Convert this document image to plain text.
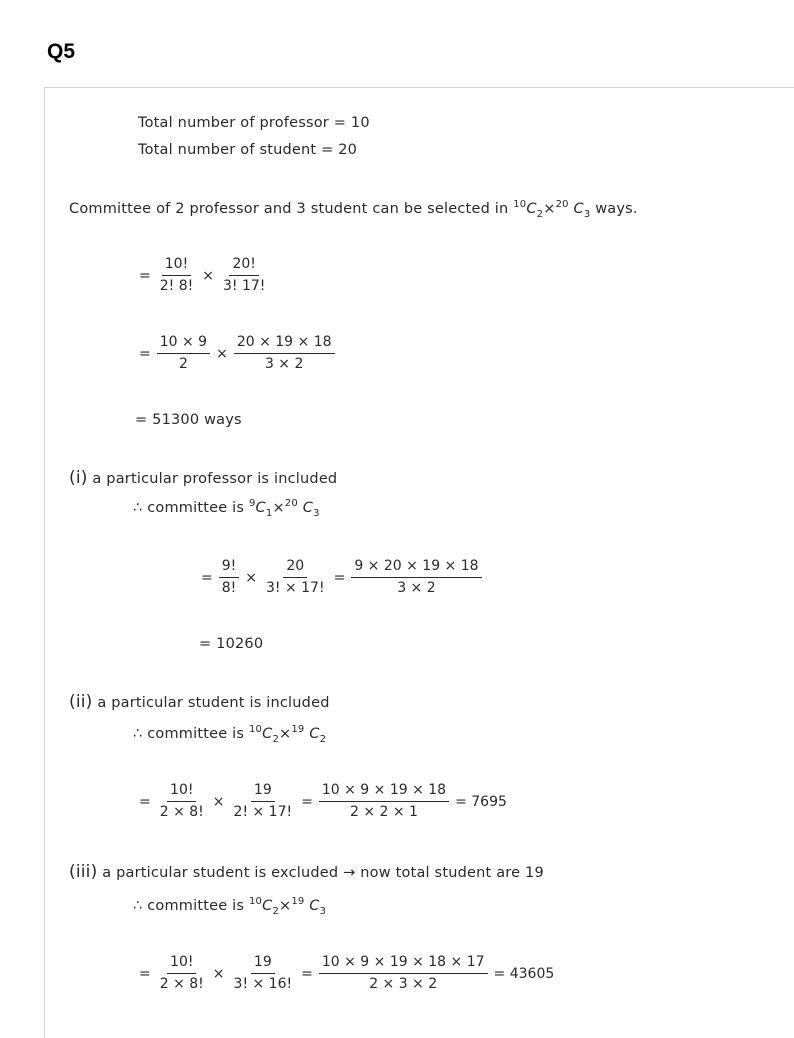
Q5
Total number of professor = 10
Total number of student = 20
Committee of 2 professor and 3 student can be selected in $^{10}C_2\times^{20}$ $C_3$ ways.
= $\frac{10!}{2! 8!} \times \frac{20!}{3! 17!}$
= $\frac{10 \times 9}{2} \times \frac{20 \times 19 \times 18}{3 \times 2}$
= 51300 ways
(i) a particular professor is included
∴ committee is $^9C_1\times^{20}$ $C_3$
= $\frac{9!}{8!} \times \frac{20}{3! \times 17!} = \frac{9 \times 20 \times 19 \times 18}{3 \times 2}$
= 10260
(ii) a particular student is included
∴ committee is $^{10}C_2\times^{19}$ $C_2$
= $\frac{10!}{2 \times 8!} \times \frac{19}{2! \times 17!} = \frac{10 \times 9 \times 19 \times 18}{2 \times 2 \times 1} = 7695$
(iii) a particular student is excluded → now total student are 19
∴ committee is $^{10}C_2\times^{19}$ $C_3$
= $\frac{10!}{2 \times 8!} \times \frac{19}{3! \times 16!} = \frac{10 \times 9 \times 19 \times 18 \times 17}{2 \times 3 \times 2} = 43605$
